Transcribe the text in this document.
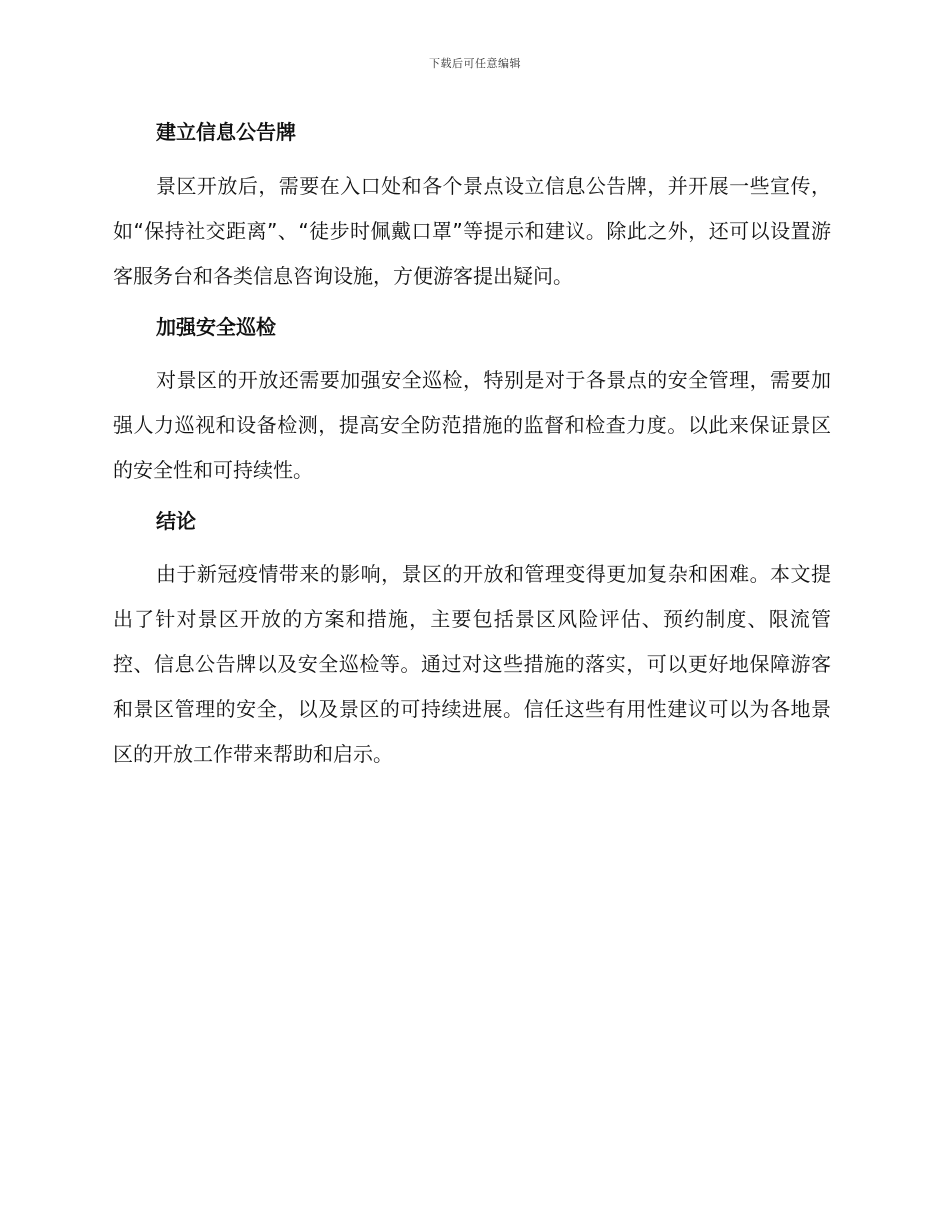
下载后可任意编辑
建立信息公告牌

景区开放后，需要在入口处和各个景点设立信息公告牌，并开展一些宣传，如“保持社交距离”、“徒步时佩戴口罩”等提示和建议。除此之外，还可以设置游客服务台和各类信息咨询设施，方便游客提出疑问。

加强安全巡检

对景区的开放还需要加强安全巡检，特别是对于各景点的安全管理，需要加强人力巡视和设备检测，提高安全防范措施的监督和检查力度。以此来保证景区的安全性和可持续性。

结论

由于新冠疫情带来的影响，景区的开放和管理变得更加复杂和困难。本文提出了针对景区开放的方案和措施，主要包括景区风险评估、预约制度、限流管控、信息公告牌以及安全巡检等。通过对这些措施的落实，可以更好地保障游客和景区管理的安全，以及景区的可持续进展。信任这些有用性建议可以为各地景区的开放工作带来帮助和启示。
